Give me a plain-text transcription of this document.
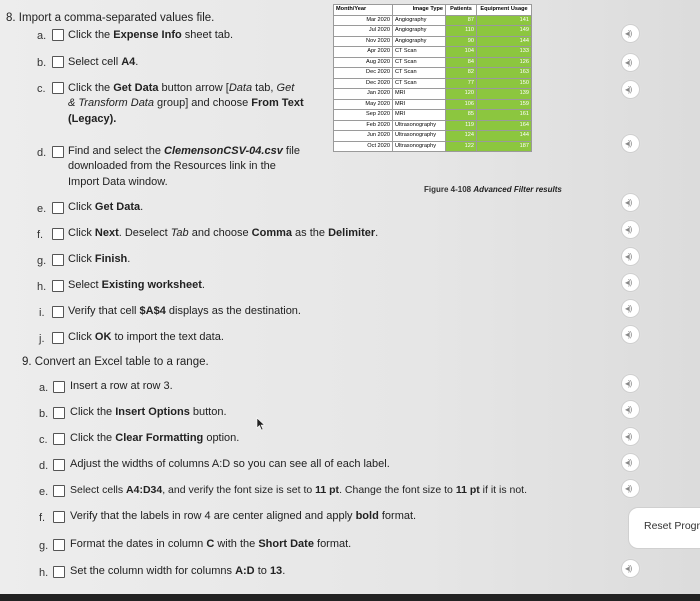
8. Import a comma-separated values file.
a. Click the Expense Info sheet tab.
b. Select cell A4.
c. Click the Get Data button arrow [Data tab, Get
& Transform Data group] and choose From Text
(Legacy).
d. Find and select the ClemensonCSV-04.csv file
downloaded from the Resources link in the
Import Data window.
Month/Year	Image Type	Patients	Equipment Usage
Mar 2020	Angiography	87	141
Jul 2020	Angiography	110	149
Nov 2020	Angiography	90	144
Apr 2020	CT Scan	104	133
Aug 2020	CT Scan	84	126
Dec 2020	CT Scan	82	163
Dec 2020	CT Scan	77	150
Jan 2020	MRI	120	139
May 2020	MRI	106	159
Sep 2020	MRI	85	161
Feb 2020	Ultrasonography	119	164
Jun 2020	Ultrasonography	124	144
Oct 2020	Ultrasonography	122	187
Figure 4-108 Advanced Filter results
e. Click Get Data.
f. Click Next. Deselect Tab and choose Comma as the Delimiter.
g. Click Finish.
h. Select Existing worksheet.
i. Verify that cell $A$4 displays as the destination.
j. Click OK to import the text data.
9. Convert an Excel table to a range.
a. Insert a row at row 3.
b. Click the Insert Options button.
c. Click the Clear Formatting option.
d. Adjust the widths of columns A:D so you can see all of each label.
e. Select cells A4:D34, and verify the font size is set to 11 pt. Change the font size to 11 pt if it is not.
f. Verify that the labels in row 4 are center aligned and apply bold format.
g. Format the dates in column C with the Short Date format.
h. Set the column width for columns A:D to 13.
◂))
◂))
◂))
◂))
◂))
◂))
◂))
◂))
◂))
◂))
◂))
◂))
◂))
◂))
◂))
◂))
Reset Progr
